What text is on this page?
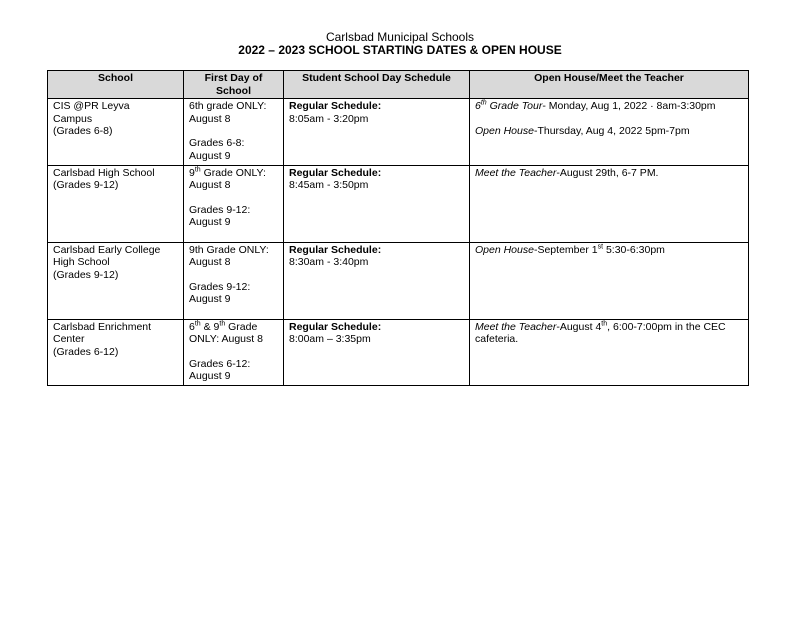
Carlsbad Municipal Schools
2022 – 2023 SCHOOL STARTING DATES & OPEN HOUSE
School	First Day of School	Student School Day Schedule	Open House/Meet the Teacher

CIS @PR Leyva
Campus
(Grades 6-8)	6th grade ONLY:
August 8
Grades 6-8:
August 9	Regular Schedule:
8:05am - 3:20pm	6th Grade Tour- Monday, Aug 1, 2022 · 8am-3:30pm
Open House-Thursday, Aug 4, 2022 5pm-7pm

Carlsbad High School
(Grades 9-12)	9th Grade ONLY:
August 8
Grades 9-12:
August 9	Regular Schedule:
8:45am - 3:50pm	Meet the Teacher-August 29th, 6-7 PM.

Carlsbad Early College
High School
(Grades 9-12)	9th Grade ONLY:
August 8
Grades 9-12:
August 9	Regular Schedule:
8:30am - 3:40pm	Open House-September 1st 5:30-6:30pm

Carlsbad Enrichment
Center
(Grades 6-12)	6th & 9th Grade
ONLY: August 8
Grades 6-12:
August 9	Regular Schedule:
8:00am – 3:35pm	Meet the Teacher-August 4th, 6:00-7:00pm in the CEC
cafeteria.
